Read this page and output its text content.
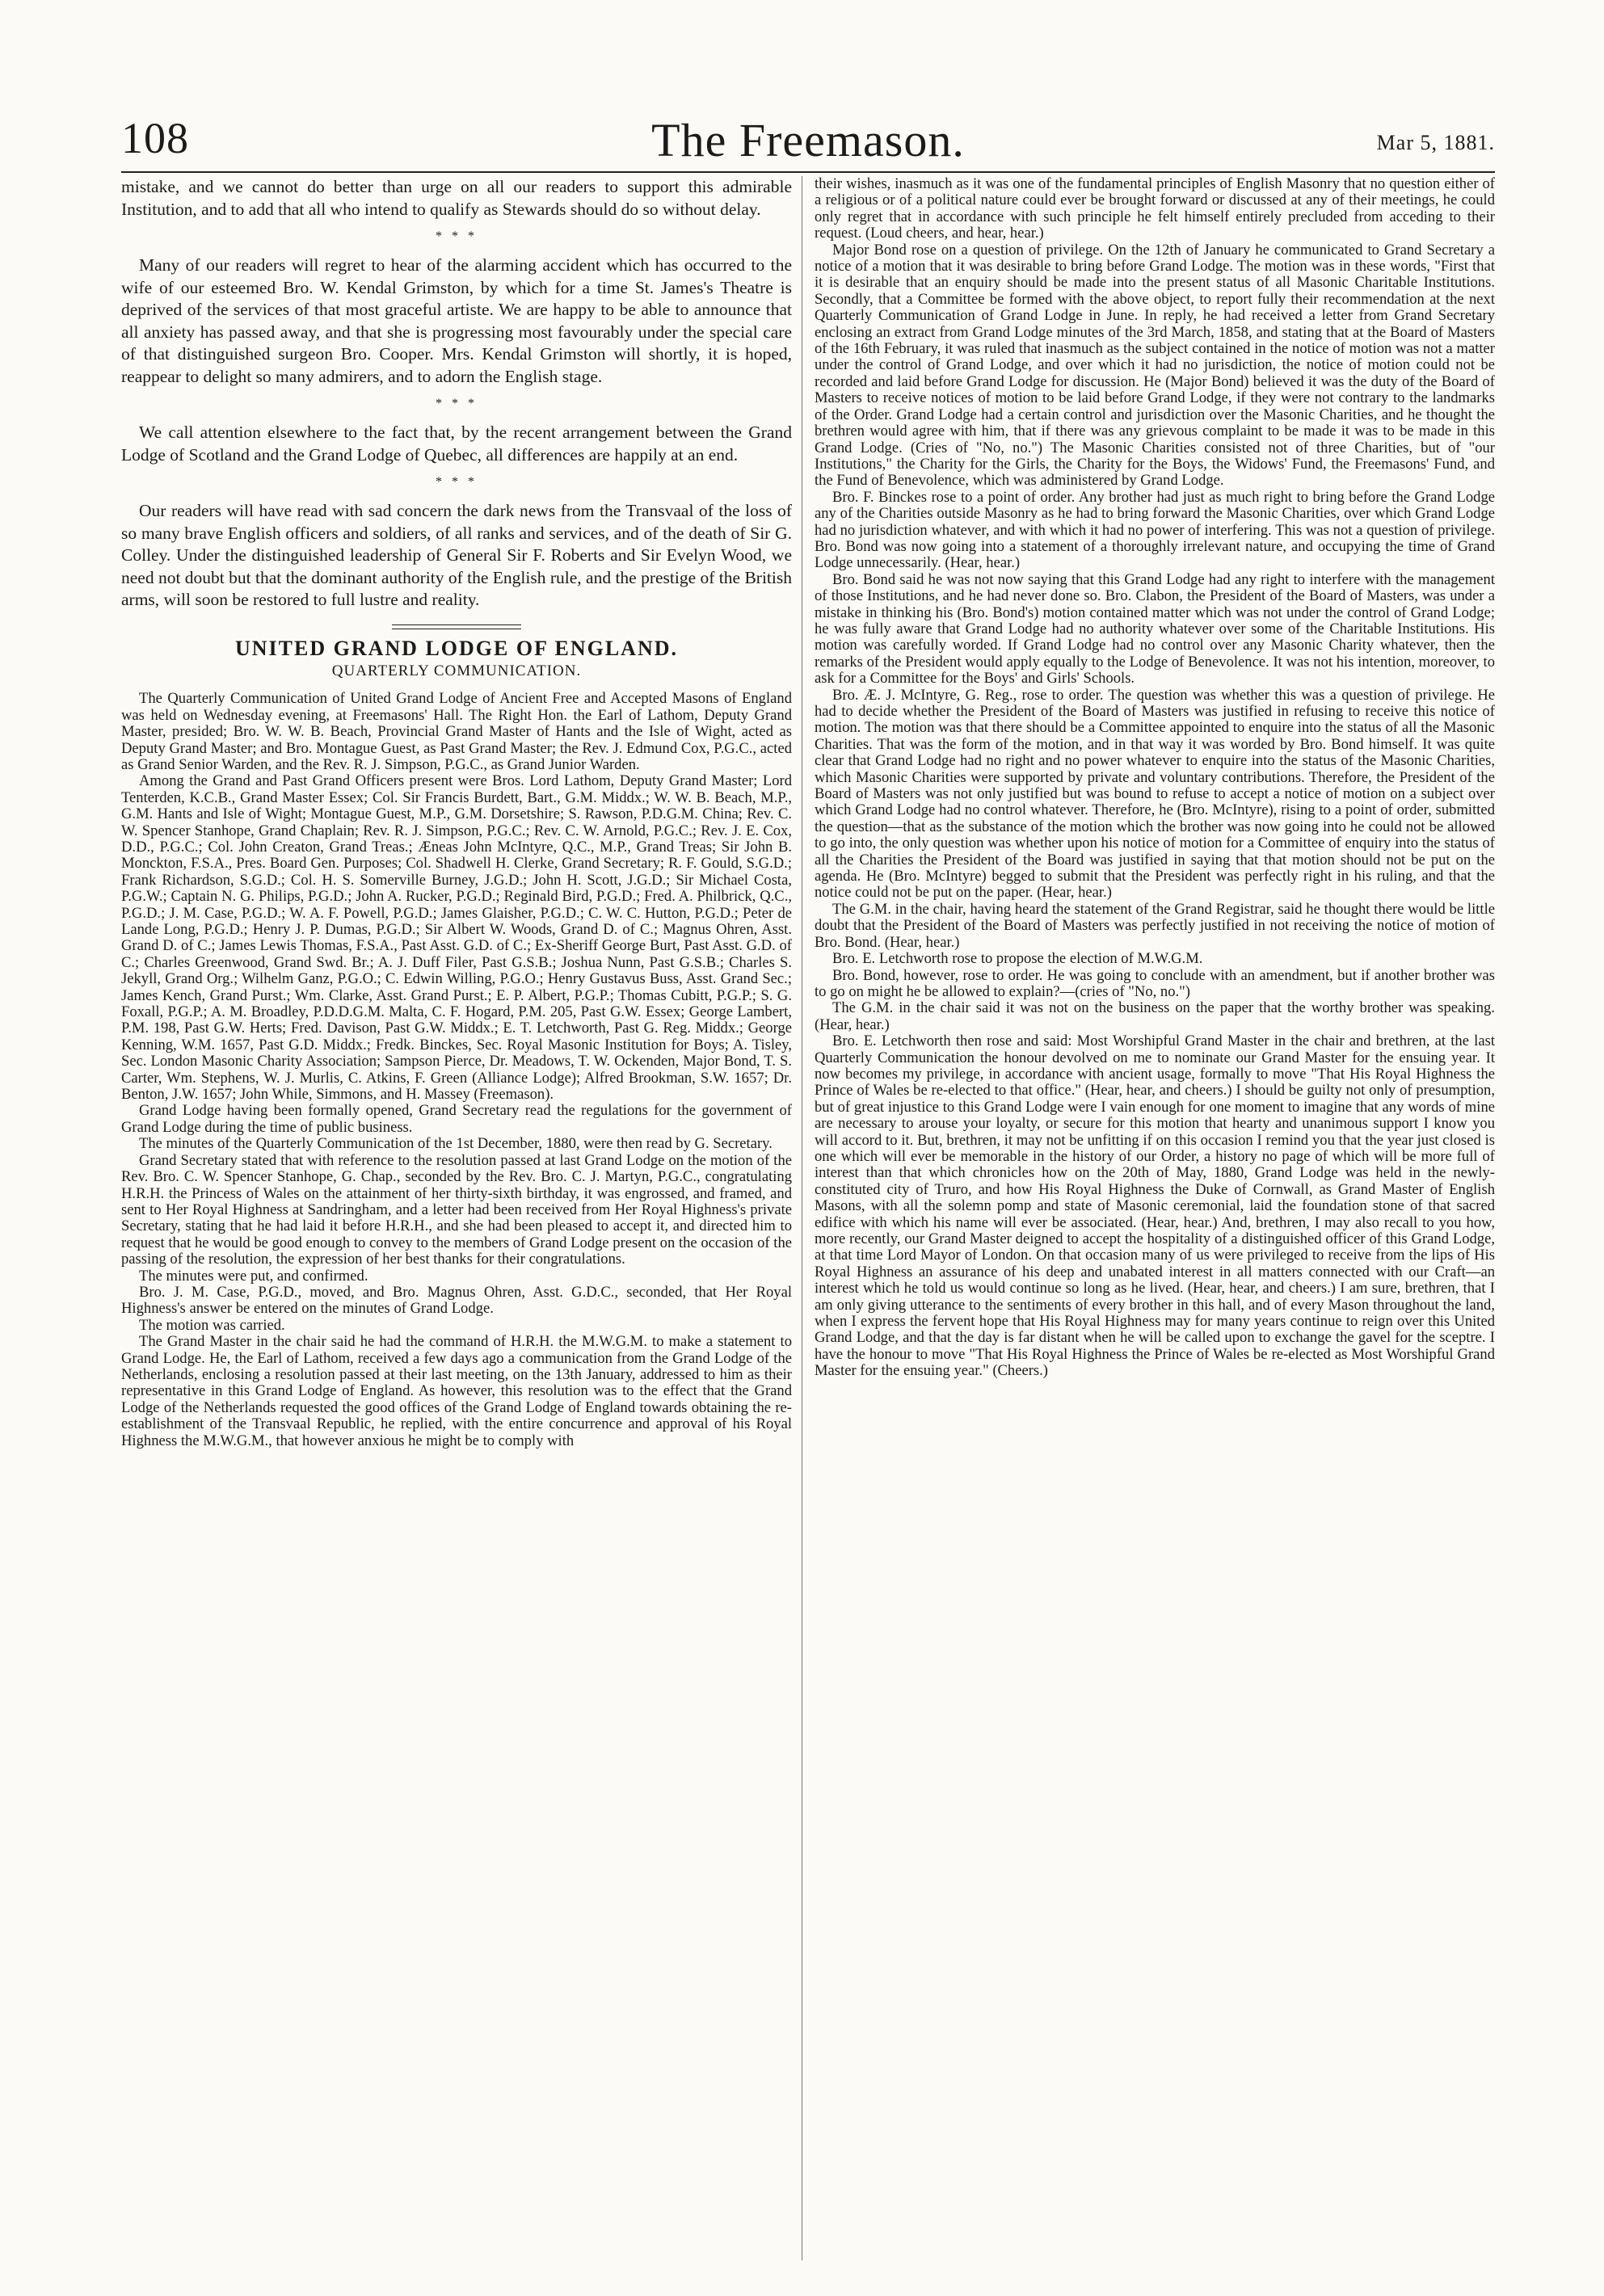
108	The Freemason.	Mar 5, 1881.

mistake, and we cannot do better than urge on all our readers to support this admirable Institution, and to add that all who intend to qualify as Stewards should do so without delay.

* * *

Many of our readers will regret to hear of the alarming accident which has occurred to the wife of our esteemed Bro. W. Kendal Grimston, by which for a time St. James's Theatre is deprived of the services of that most graceful artiste. We are happy to be able to announce that all anxiety has passed away, and that she is progressing most favourably under the special care of that distinguished surgeon Bro. Cooper. Mrs. Kendal Grimston will shortly, it is hoped, reappear to delight so many admirers, and to adorn the English stage.

* * *

We call attention elsewhere to the fact that, by the recent arrangement between the Grand Lodge of Scotland and the Grand Lodge of Quebec, all differences are happily at an end.

* * *

Our readers will have read with sad concern the dark news from the Transvaal of the loss of so many brave English officers and soldiers, of all ranks and services, and of the death of Sir G. Colley. Under the distinguished leadership of General Sir F. Roberts and Sir Evelyn Wood, we need not doubt but that the dominant authority of the English rule, and the prestige of the British arms, will soon be restored to full lustre and reality.

UNITED GRAND LODGE OF ENGLAND.
QUARTERLY COMMUNICATION.

The Quarterly Communication of United Grand Lodge of Ancient Free and Accepted Masons of England was held on Wednesday evening, at Freemasons' Hall. The Right Hon. the Earl of Lathom, Deputy Grand Master, presided; Bro. W. W. B. Beach, Provincial Grand Master of Hants and the Isle of Wight, acted as Deputy Grand Master; and Bro. Montague Guest, as Past Grand Master; the Rev. J. Edmund Cox, P.G.C., acted as Grand Senior Warden, and the Rev. R. J. Simpson, P.G.C., as Grand Junior Warden.

Among the Grand and Past Grand Officers present were Bros. Lord Lathom, Deputy Grand Master; Lord Tenterden, K.C.B., Grand Master Essex; Col. Sir Francis Burdett, Bart., G.M. Middx.; W. W. B. Beach, M.P., G.M. Hants and Isle of Wight; Montague Guest, M.P., G.M. Dorsetshire; S. Rawson, P.D.G.M. China; Rev. C. W. Spencer Stanhope, Grand Chaplain; Rev. R. J. Simpson, P.G.C.; Rev. C. W. Arnold, P.G.C.; Rev. J. E. Cox, D.D., P.G.C.; Col. John Creaton, Grand Treas.; Æneas John McIntyre, Q.C., M.P., Grand Treas; Sir John B. Monckton, F.S.A., Pres. Board Gen. Purposes; Col. Shadwell H. Clerke, Grand Secretary; R. F. Gould, S.G.D.; Frank Richardson, S.G.D.; Col. H. S. Somerville Burney, J.G.D.; John H. Scott, J.G.D.; Sir Michael Costa, P.G.W.; Captain N. G. Philips, P.G.D.; John A. Rucker, P.G.D.; Reginald Bird, P.G.D.; Fred. A. Philbrick, Q.C., P.G.D.; J. M. Case, P.G.D.; W. A. F. Powell, P.G.D.; James Glaisher, P.G.D.; C. W. C. Hutton, P.G.D.; Peter de Lande Long, P.G.D.; Henry J. P. Dumas, P.G.D.; Sir Albert W. Woods, Grand D. of C.; Magnus Ohren, Asst. Grand D. of C.; James Lewis Thomas, F.S.A., Past Asst. G.D. of C.; Ex-Sheriff George Burt, Past Asst. G.D. of C.; Charles Greenwood, Grand Swd. Br.; A. J. Duff Filer, Past G.S.B.; Joshua Nunn, Past G.S.B.; Charles S. Jekyll, Grand Org.; Wilhelm Ganz, P.G.O.; C. Edwin Willing, P.G.O.; Henry Gustavus Buss, Asst. Grand Sec.; James Kench, Grand Purst.; Wm. Clarke, Asst. Grand Purst.; E. P. Albert, P.G.P.; Thomas Cubitt, P.G.P.; S. G. Foxall, P.G.P.; A. M. Broadley, P.D.D.G.M. Malta, C. F. Hogard, P.M. 205, Past G.W. Essex; George Lambert, P.M. 198, Past G.W. Herts; Fred. Davison, Past G.W. Middx.; E. T. Letchworth, Past G. Reg. Middx.; George Kenning, W.M. 1657, Past G.D. Middx.; Fredk. Binckes, Sec. Royal Masonic Institution for Boys; A. Tisley, Sec. London Masonic Charity Association; Sampson Pierce, Dr. Meadows, T. W. Ockenden, Major Bond, T. S. Carter, Wm. Stephens, W. J. Murlis, C. Atkins, F. Green (Alliance Lodge); Alfred Brookman, S.W. 1657; Dr. Benton, J.W. 1657; John While, Simmons, and H. Massey (Freemason).

Grand Lodge having been formally opened, Grand Secretary read the regulations for the government of Grand Lodge during the time of public business.

The minutes of the Quarterly Communication of the 1st December, 1880, were then read by G. Secretary.

Grand Secretary stated that with reference to the resolution passed at last Grand Lodge on the motion of the Rev. Bro. C. W. Spencer Stanhope, G. Chap., seconded by the Rev. Bro. C. J. Martyn, P.G.C., congratulating H.R.H. the Princess of Wales on the attainment of her thirty-sixth birthday, it was engrossed, and framed, and sent to Her Royal Highness at Sandringham, and a letter had been received from Her Royal Highness's private Secretary, stating that he had laid it before H.R.H., and she had been pleased to accept it, and directed him to request that he would be good enough to convey to the members of Grand Lodge present on the occasion of the passing of the resolution, the expression of her best thanks for their congratulations.

The minutes were put, and confirmed.

Bro. J. M. Case, P.G.D., moved, and Bro. Magnus Ohren, Asst. G.D.C., seconded, that Her Royal Highness's answer be entered on the minutes of Grand Lodge.

The motion was carried.

The Grand Master in the chair said he had the command of H.R.H. the M.W.G.M. to make a statement to Grand Lodge. He, the Earl of Lathom, received a few days ago a communication from the Grand Lodge of the Netherlands, enclosing a resolution passed at their last meeting, on the 13th January, addressed to him as their representative in this Grand Lodge of England. As however, this resolution was to the effect that the Grand Lodge of the Netherlands requested the good offices of the Grand Lodge of England towards obtaining the re-establishment of the Transvaal Republic, he replied, with the entire concurrence and approval of his Royal Highness the M.W.G.M., that however anxious he might be to comply with

their wishes, inasmuch as it was one of the fundamental principles of English Masonry that no question either of a religious or of a political nature could ever be brought forward or discussed at any of their meetings, he could only regret that in accordance with such principle he felt himself entirely precluded from acceding to their request. (Loud cheers, and hear, hear.)

Major Bond rose on a question of privilege. On the 12th of January he communicated to Grand Secretary a notice of a motion that it was desirable to bring before Grand Lodge. The motion was in these words, "First that it is desirable that an enquiry should be made into the present status of all Masonic Charitable Institutions. Secondly, that a Committee be formed with the above object, to report fully their recommendation at the next Quarterly Communication of Grand Lodge in June. In reply, he had received a letter from Grand Secretary enclosing an extract from Grand Lodge minutes of the 3rd March, 1858, and stating that at the Board of Masters of the 16th February, it was ruled that inasmuch as the subject contained in the notice of motion was not a matter under the control of Grand Lodge, and over which it had no jurisdiction, the notice of motion could not be recorded and laid before Grand Lodge for discussion. He (Major Bond) believed it was the duty of the Board of Masters to receive notices of motion to be laid before Grand Lodge, if they were not contrary to the landmarks of the Order. Grand Lodge had a certain control and jurisdiction over the Masonic Charities, and he thought the brethren would agree with him, that if there was any grievous complaint to be made it was to be made in this Grand Lodge. (Cries of "No, no.") The Masonic Charities consisted not of three Charities, but of "our Institutions," the Charity for the Girls, the Charity for the Boys, the Widows' Fund, the Freemasons' Fund, and the Fund of Benevolence, which was administered by Grand Lodge.

Bro. F. Binckes rose to a point of order. Any brother had just as much right to bring before the Grand Lodge any of the Charities outside Masonry as he had to bring forward the Masonic Charities, over which Grand Lodge had no jurisdiction whatever, and with which it had no power of interfering. This was not a question of privilege. Bro. Bond was now going into a statement of a thoroughly irrelevant nature, and occupying the time of Grand Lodge unnecessarily. (Hear, hear.)

Bro. Bond said he was not now saying that this Grand Lodge had any right to interfere with the management of those Institutions, and he had never done so. Bro. Clabon, the President of the Board of Masters, was under a mistake in thinking his (Bro. Bond's) motion contained matter which was not under the control of Grand Lodge; he was fully aware that Grand Lodge had no authority whatever over some of the Charitable Institutions. His motion was carefully worded. If Grand Lodge had no control over any Masonic Charity whatever, then the remarks of the President would apply equally to the Lodge of Benevolence. It was not his intention, moreover, to ask for a Committee for the Boys' and Girls' Schools.

Bro. Æ. J. McIntyre, G. Reg., rose to order. The question was whether this was a question of privilege. He had to decide whether the President of the Board of Masters was justified in refusing to receive this notice of motion. The motion was that there should be a Committee appointed to enquire into the status of all the Masonic Charities. That was the form of the motion, and in that way it was worded by Bro. Bond himself. It was quite clear that Grand Lodge had no right and no power whatever to enquire into the status of the Masonic Charities, which Masonic Charities were supported by private and voluntary contributions. Therefore, the President of the Board of Masters was not only justified but was bound to refuse to accept a notice of motion on a subject over which Grand Lodge had no control whatever. Therefore, he (Bro. McIntyre), rising to a point of order, submitted the question—that as the substance of the motion which the brother was now going into he could not be allowed to go into, the only question was whether upon his notice of motion for a Committee of enquiry into the status of all the Charities the President of the Board was justified in saying that that motion should not be put on the agenda. He (Bro. McIntyre) begged to submit that the President was perfectly right in his ruling, and that the notice could not be put on the paper. (Hear, hear.)

The G.M. in the chair, having heard the statement of the Grand Registrar, said he thought there would be little doubt that the President of the Board of Masters was perfectly justified in not receiving the notice of motion of Bro. Bond. (Hear, hear.)

Bro. E. Letchworth rose to propose the election of M.W.G.M.

Bro. Bond, however, rose to order. He was going to conclude with an amendment, but if another brother was to go on might he be allowed to explain?—(cries of "No, no.")

The G.M. in the chair said it was not on the business on the paper that the worthy brother was speaking. (Hear, hear.)

Bro. E. Letchworth then rose and said: Most Worshipful Grand Master in the chair and brethren, at the last Quarterly Communication the honour devolved on me to nominate our Grand Master for the ensuing year. It now becomes my privilege, in accordance with ancient usage, formally to move "That His Royal Highness the Prince of Wales be re-elected to that office." (Hear, hear, and cheers.) I should be guilty not only of presumption, but of great injustice to this Grand Lodge were I vain enough for one moment to imagine that any words of mine are necessary to arouse your loyalty, or secure for this motion that hearty and unanimous support I know you will accord to it. But, brethren, it may not be unfitting if on this occasion I remind you that the year just closed is one which will ever be memorable in the history of our Order, a history no page of which will be more full of interest than that which chronicles how on the 20th of May, 1880, Grand Lodge was held in the newly-constituted city of Truro, and how His Royal Highness the Duke of Cornwall, as Grand Master of English Masons, with all the solemn pomp and state of Masonic ceremonial, laid the foundation stone of that sacred edifice with which his name will ever be associated. (Hear, hear.) And, brethren, I may also recall to you how, more recently, our Grand Master deigned to accept the hospitality of a distinguished officer of this Grand Lodge, at that time Lord Mayor of London. On that occasion many of us were privileged to receive from the lips of His Royal Highness an assurance of his deep and unabated interest in all matters connected with our Craft—an interest which he told us would continue so long as he lived. (Hear, hear, and cheers.) I am sure, brethren, that I am only giving utterance to the sentiments of every brother in this hall, and of every Mason throughout the land, when I express the fervent hope that His Royal Highness may for many years continue to reign over this United Grand Lodge, and that the day is far distant when he will be called upon to exchange the gavel for the sceptre. I have the honour to move "That His Royal Highness the Prince of Wales be re-elected as Most Worshipful Grand Master for the ensuing year." (Cheers.)
